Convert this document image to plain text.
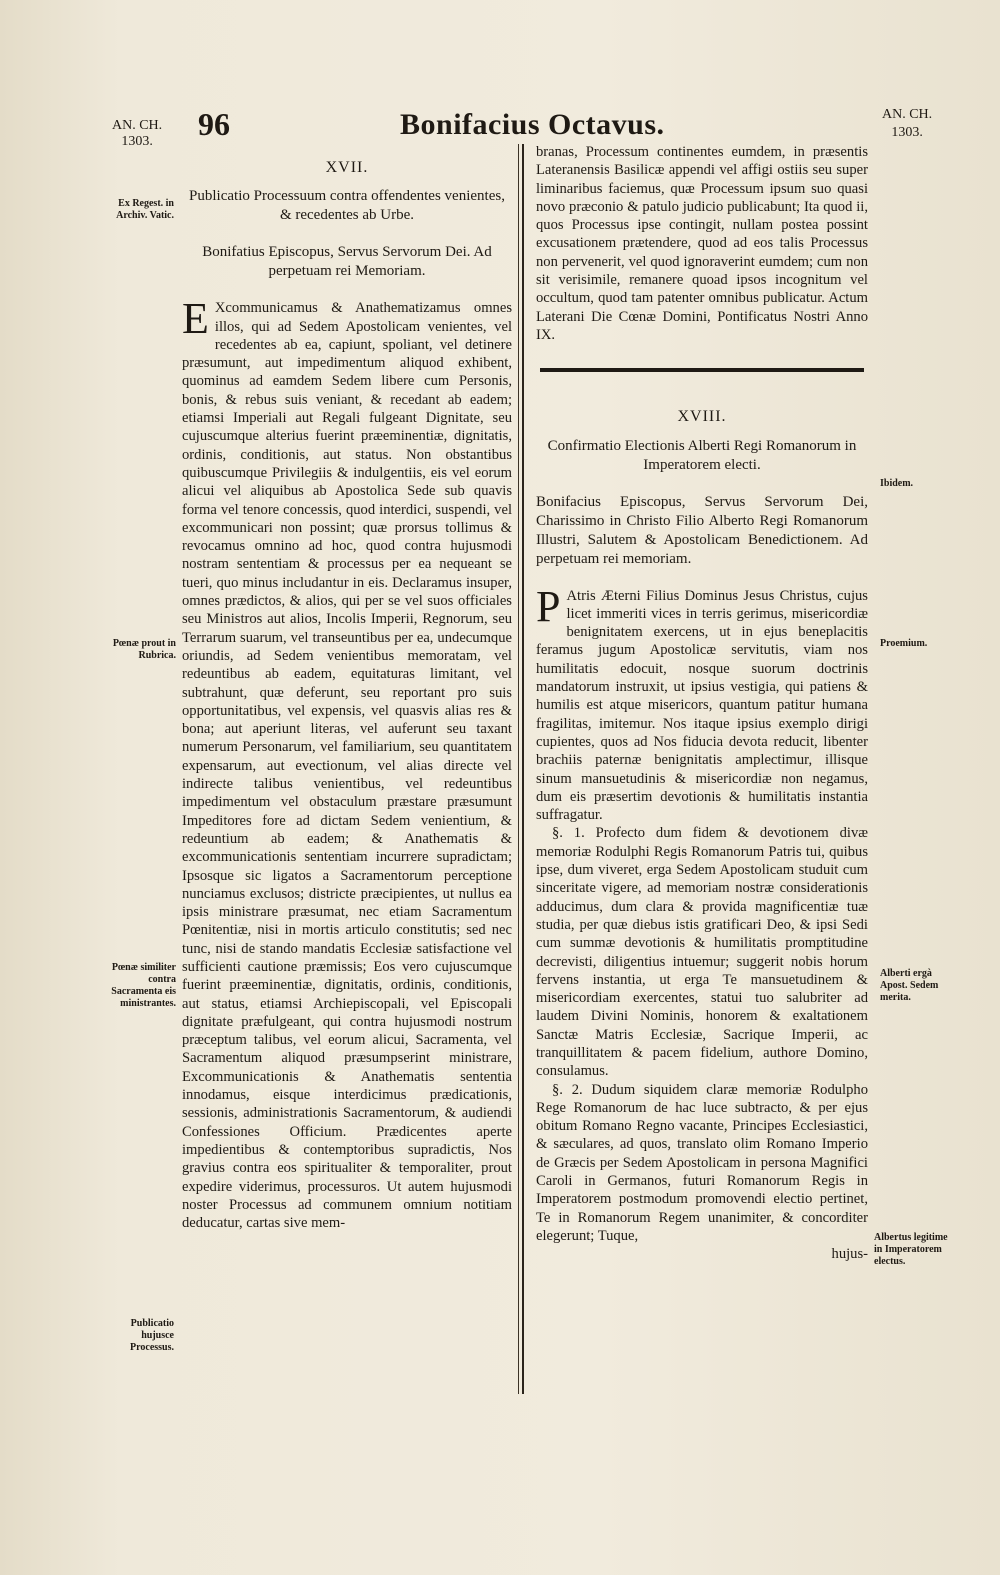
AN. CH.
1303. 96	Bonifacius Octavus.	AN. CH.
1303.
Ex Regest. in Archiv. Vatic.
Pœnæ prout in Rubrica.
Pœnæ similiter contra Sacramenta eis ministrantes.
Publicatio hujusce Processus.
Ibidem.
Proemium.
Alberti ergà Apost. Sedem merita.
Albertus legitime in Imperatorem electus.
XVII.
Publicatio Processuum contra offendentes venientes, & recedentes ab Urbe.
Bonifatius Episcopus, Servus Servorum Dei. Ad perpetuam rei Memoriam.

E Xcommunicamus & Anathematizamus omnes illos, qui ad Sedem Apostolicam venientes, vel recedentes ab ea, capiunt, spoliant, vel detinere præsumunt, aut impedimentum aliquod exhibent, quominus ad eamdem Sedem libere cum Personis, bonis, & rebus suis veniant, & recedant ab eadem; etiamsi Imperiali aut Regali fulgeant Dignitate, seu cujuscumque alterius fuerint præeminentiæ, dignitatis, ordinis, conditionis, aut status. Non obstantibus quibuscumque Privilegiis & indulgentiis, eis vel eorum alicui vel aliquibus ab Apostolica Sede sub quavis forma vel tenore concessis, quod interdici, suspendi, vel excommunicari non possint; quæ prorsus tollimus & revocamus omnino ad hoc, quod contra hujusmodi nostram sententiam & processus per ea nequeant se tueri, quo minus includantur in eis. Declaramus insuper, omnes prædictos, & alios, qui per se vel suos officiales seu Ministros aut alios, Incolis Imperii, Regnorum, seu Terrarum suarum, vel transeuntibus per ea, undecumque oriundis, ad Sedem venientibus memoratam, vel redeuntibus ab eadem, equitaturas limitant, vel subtrahunt, quæ deferunt, seu reportant pro suis opportunitatibus, vel expensis, vel quasvis alias res & bona; aut aperiunt literas, vel auferunt seu taxant numerum Personarum, vel familiarium, seu quantitatem expensarum, aut evectionum, vel alias directe vel indirecte talibus venientibus, vel redeuntibus impedimentum vel obstaculum præstare præsumunt Impeditores fore ad dictam Sedem venientium, & redeuntium ab eadem; & Anathematis & excommunicationis sententiam incurrere supradictam; Ipsosque sic ligatos a Sacramentorum perceptione nunciamus exclusos; districte præcipientes, ut nullus ea ipsis ministrare præsumat, nec etiam Sacramentum Pœnitentiæ, nisi in mortis articulo constitutis; sed nec tunc, nisi de stando mandatis Ecclesiæ satisfactione vel sufficienti cautione præmissis; Eos vero cujuscumque fuerint præeminentiæ, dignitatis, ordinis, conditionis, aut status, etiamsi Archiepiscopali, vel Episcopali dignitate præfulgeant, qui contra hujusmodi nostrum præceptum talibus, vel eorum alicui, Sacramenta, vel Sacramentum aliquod præsumpserint ministrare, Excommunicationis & Anathematis sententia innodamus, eisque interdicimus prædicationis, sessionis, administrationis Sacramentorum, & audiendi Confessiones Officium. Prædicentes aperte impedientibus & contemptoribus supradictis, Nos gravius contra eos spiritualiter & temporaliter, prout expedire viderimus, processuros. Ut autem hujusmodi noster Processus ad communem omnium notitiam deducatur, cartas sive mem-

branas, Processum continentes eumdem, in præsentis Lateranensis Basilicæ appendi vel affigi ostiis seu super liminaribus faciemus, quæ Processum ipsum suo quasi novo præconio & patulo judicio publicabunt; Ita quod ii, quos Processus ipse contingit, nullam postea possint excusationem prætendere, quod ad eos talis Processus non pervenerit, vel quod ignoraverint eumdem; cum non sit verisimile, remanere quoad ipsos incognitum vel occultum, quod tam patenter omnibus publicatur. Actum Laterani Die Cœnæ Domini, Pontificatus Nostri Anno IX.

XVIII.
Confirmatio Electionis Alberti Regi Romanorum in Imperatorem electi.
Bonifacius Episcopus, Servus Servorum Dei, Charissimo in Christo Filio Alberto Regi Romanorum Illustri, Salutem & Apostolicam Benedictionem. Ad perpetuam rei memoriam.

P Atris Æterni Filius Dominus Jesus Christus, cujus licet immeriti vices in terris gerimus, misericordiæ benignitatem exercens, ut in ejus beneplacitis feramus jugum Apostolicæ servitutis, viam nos humilitatis edocuit, nosque suorum doctrinis mandatorum instruxit, ut ipsius vestigia, qui patiens & humilis est atque misericors, quantum patitur humana fragilitas, imitemur. Nos itaque ipsius exemplo dirigi cupientes, quos ad Nos fiducia devota reducit, libenter brachiis paternæ benignitatis amplectimur, illisque sinum mansuetudinis & misericordiæ non negamus, dum eis præsertim devotionis & humilitatis instantia suffragatur.

§. 1. Profecto dum fidem & devotionem divæ memoriæ Rodulphi Regis Romanorum Patris tui, quibus ipse, dum viveret, erga Sedem Apostolicam studuit cum sinceritate vigere, ad memoriam nostræ considerationis adducimus, dum clara & provida magnificentiæ tuæ studia, per quæ diebus istis gratificari Deo, & ipsi Sedi cum summæ devotionis & humilitatis promptitudine decrevisti, diligentius intuemur; suggerit nobis horum fervens instantia, ut erga Te mansuetudinem & misericordiam exercentes, statui tuo salubriter ad laudem Divini Nominis, honorem & exaltationem Sanctæ Matris Ecclesiæ, Sacrique Imperii, ac tranquillitatem & pacem fidelium, authore Domino, consulamus.

§. 2. Dudum siquidem claræ memoriæ Rodulpho Rege Romanorum de hac luce subtracto, & per ejus obitum Romano Regno vacante, Principes Ecclesiastici, & sæculares, ad quos, translato olim Romano Imperio de Græcis per Sedem Apostolicam in persona Magnifici Caroli in Germanos, futuri Romanorum Regis in Imperatorem postmodum promovendi electio pertinet, Te in Romanorum Regem unanimiter, & concorditer elegerunt; Tuque,

hujus-
